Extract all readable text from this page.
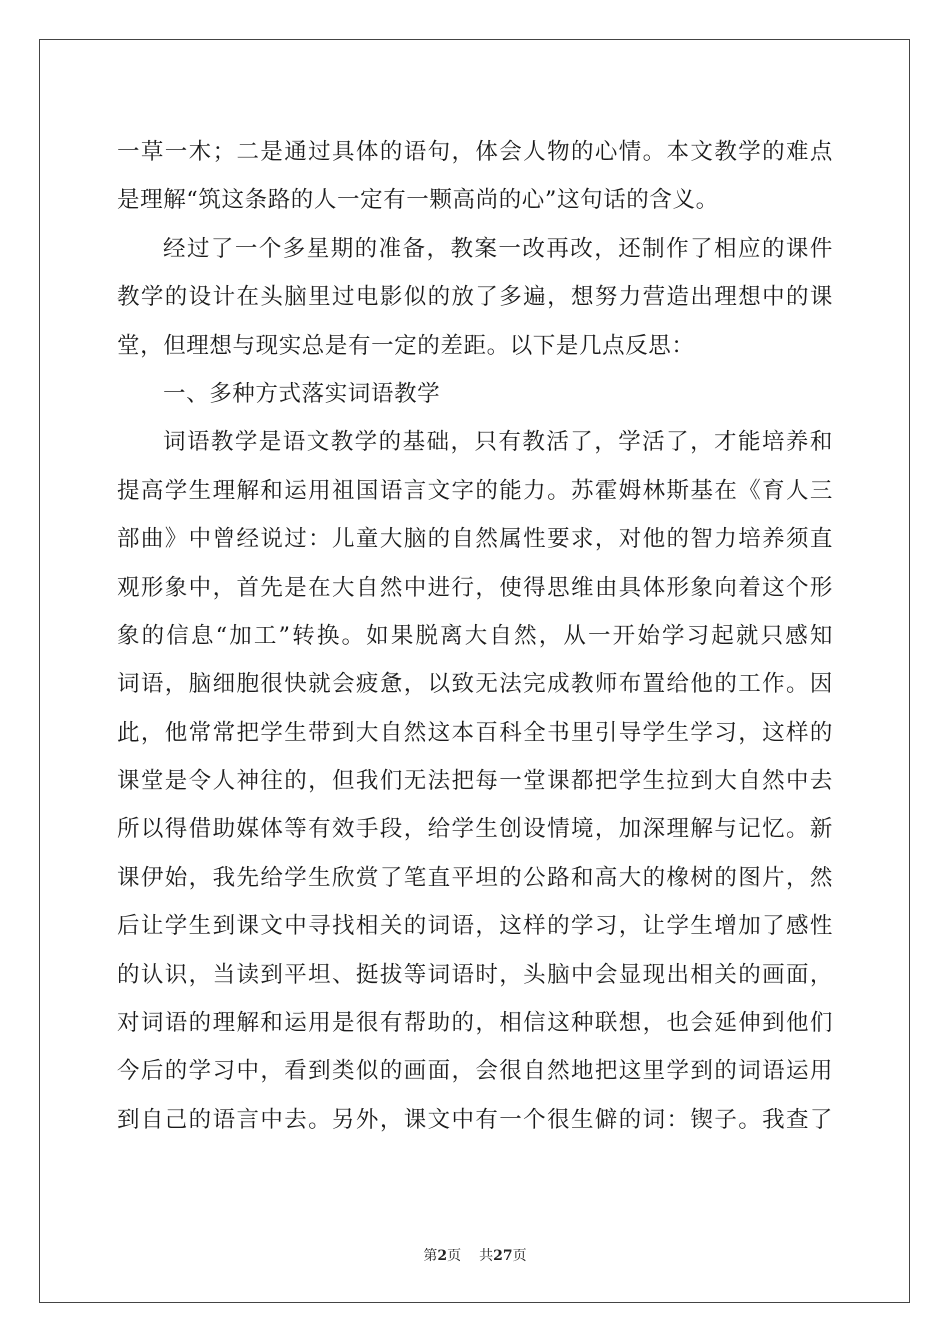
一草一木；二是通过具体的语句，体会人物的心情。本文教学的难点
是理解“筑这条路的人一定有一颗高尚的心”这句话的含义。
经过了一个多星期的准备，教案一改再改，还制作了相应的课件
教学的设计在头脑里过电影似的放了多遍，想努力营造出理想中的课
堂，但理想与现实总是有一定的差距。以下是几点反思：
一、多种方式落实词语教学
词语教学是语文教学的基础，只有教活了，学活了，才能培养和
提高学生理解和运用祖国语言文字的能力。苏霍姆林斯基在《育人三
部曲》中曾经说过：儿童大脑的自然属性要求，对他的智力培养须直
观形象中，首先是在大自然中进行，使得思维由具体形象向着这个形
象的信息“加工”转换。如果脱离大自然，从一开始学习起就只感知
词语，脑细胞很快就会疲惫，以致无法完成教师布置给他的工作。因
此，他常常把学生带到大自然这本百科全书里引导学生学习，这样的
课堂是令人神往的，但我们无法把每一堂课都把学生拉到大自然中去
所以得借助媒体等有效手段，给学生创设情境，加深理解与记忆。新
课伊始，我先给学生欣赏了笔直平坦的公路和高大的橡树的图片，然
后让学生到课文中寻找相关的词语，这样的学习，让学生增加了感性
的认识，当读到平坦、挺拔等词语时，头脑中会显现出相关的画面，
对词语的理解和运用是很有帮助的，相信这种联想，也会延伸到他们
今后的学习中，看到类似的画面，会很自然地把这里学到的词语运用
到自己的语言中去。另外，课文中有一个很生僻的词：锲子。我查了
第2页 共27页
